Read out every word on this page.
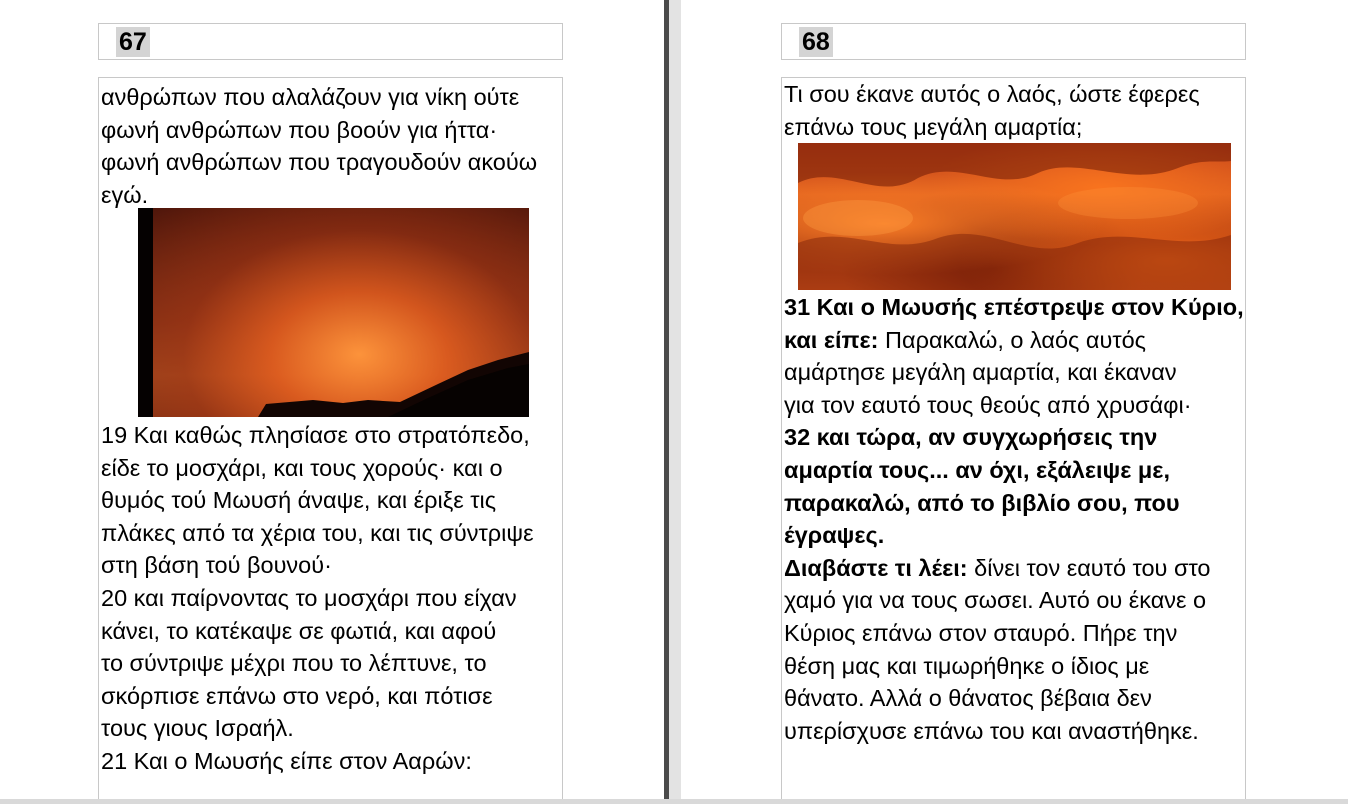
67

ανθρώπων που αλαλάζουν για νίκη ούτε

φωνή ανθρώπων που βοούν για ήττα·

φωνή ανθρώπων που τραγουδούν ακούω

εγώ.

19 Και καθώς πλησίασε στο στρατόπεδο,

είδε το μοσχάρι, και τους χορούς· και ο

θυμός τού Μωυσή άναψε, και έριξε τις

πλάκες από τα χέρια του, και τις σύντριψε

στη βάση τού βουνού·

20 και παίρνοντας το μοσχάρι που είχαν

κάνει, το κατέκαψε σε φωτιά, και αφού

το σύντριψε μέχρι που το λέπτυνε, το

σκόρπισε επάνω στο νερό, και πότισε

τους γιους Ισραήλ.

21 Και ο Μωυσής είπε στον Ααρών:

68

Τι σου έκανε αυτός ο λαός, ώστε έφερες

επάνω τους μεγάλη αμαρτία;

31 Και ο Μωυσής επέστρεψε στον Κύριο,

και είπε: Παρακαλώ, ο λαός αυτός

αμάρτησε μεγάλη αμαρτία, και έκαναν

για τον εαυτό τους θεούς από χρυσάφι·

32 και τώρα, αν συγχωρήσεις την

αμαρτία τους... αν όχι, εξάλειψε με,

παρακαλώ, από το βιβλίο σου, που

έγραψες.

Διαβάστε τι λέει: δίνει τον εαυτό του στο

χαμό για να τους σωσει. Αυτό ου έκανε ο

Κύριος επάνω στον σταυρό. Πήρε την

θέση μας και τιμωρήθηκε ο ίδιος με

θάνατο. Αλλά ο θάνατος βέβαια δεν

υπερίσχυσε επάνω του και αναστήθηκε.
